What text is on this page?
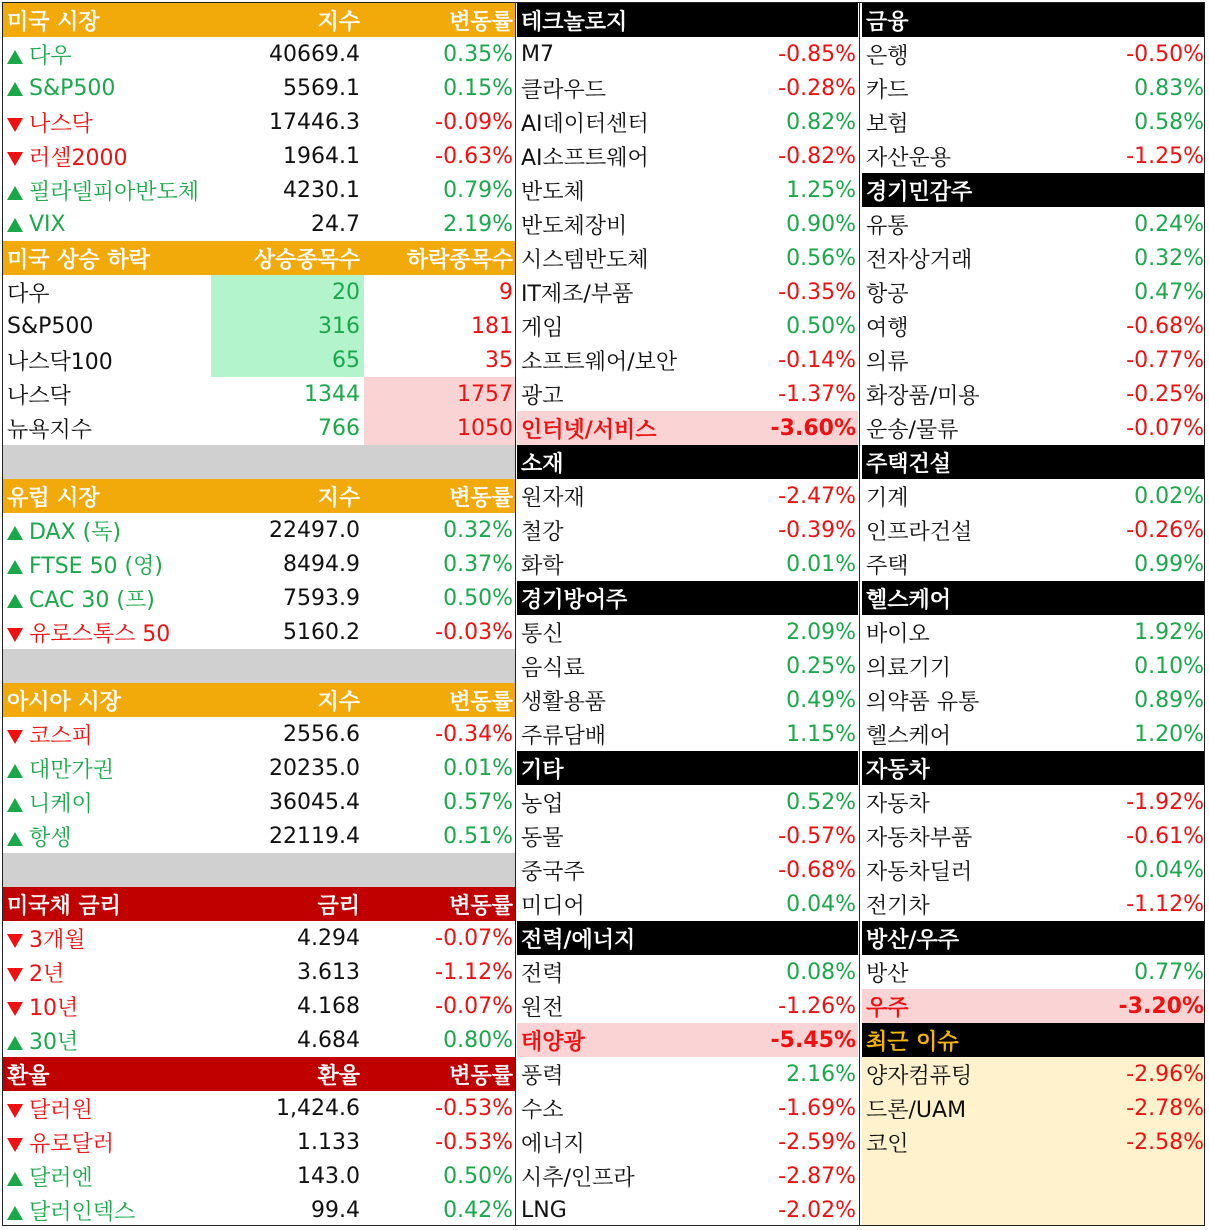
미국 시장	지수	변동률
다우	40669.4	0.35%
S&P500	5569.1	0.15%
나스닥	17446.3	-0.09%
러셀2000	1964.1	-0.63%
필라델피아반도체	4230.1	0.79%
VIX	24.7	2.19%
미국 상승 하락	상승종목수	하락종목수
다우	20	9
S&P500	316	181
나스닥100	65	35
나스닥	1344	1757
뉴욕지수	766	1050
유럽 시장	지수	변동률
DAX (독)	22497.0	0.32%
FTSE 50 (영)	8494.9	0.37%
CAC 30 (프)	7593.9	0.50%
유로스톡스 50	5160.2	-0.03%
아시아 시장	지수	변동률
코스피	2556.6	-0.34%
대만가권	20235.0	0.01%
니케이	36045.4	0.57%
항셍	22119.4	0.51%
미국채 금리	금리	변동률
3개월	4.294	-0.07%
2년	3.613	-1.12%
10년	4.168	-0.07%
30년	4.684	0.80%
환율	환율	변동률
달러원	1,424.6	-0.53%
유로달러	1.133	-0.53%
달러엔	143.0	0.50%
달러인덱스	99.4	0.42%
테크놀로지
M7	-0.85%
클라우드	-0.28%
AI데이터센터	0.82%
AI소프트웨어	-0.82%
반도체	1.25%
반도체장비	0.90%
시스템반도체	0.56%
IT제조/부품	-0.35%
게임	0.50%
소프트웨어/보안	-0.14%
광고	-1.37%
인터넷/서비스	-3.60%
소재
원자재	-2.47%
철강	-0.39%
화학	0.01%
경기방어주
통신	2.09%
음식료	0.25%
생활용품	0.49%
주류담배	1.15%
기타
농업	0.52%
동물	-0.57%
중국주	-0.68%
미디어	0.04%
전력/에너지
전력	0.08%
원전	-1.26%
태양광	-5.45%
풍력	2.16%
수소	-1.69%
에너지	-2.59%
시추/인프라	-2.87%
LNG	-2.02%
금융
은행	-0.50%
카드	0.83%
보험	0.58%
자산운용	-1.25%
경기민감주
유통	0.24%
전자상거래	0.32%
항공	0.47%
여행	-0.68%
의류	-0.77%
화장품/미용	-0.25%
운송/물류	-0.07%
주택건설
기계	0.02%
인프라건설	-0.26%
주택	0.99%
헬스케어
바이오	1.92%
의료기기	0.10%
의약품 유통	0.89%
헬스케어	1.20%
자동차
자동차	-1.92%
자동차부품	-0.61%
자동차딜러	0.04%
전기차	-1.12%
방산/우주
방산	0.77%
우주	-3.20%
최근 이슈
양자컴퓨팅	-2.96%
드론/UAM	-2.78%
코인	-2.58%
